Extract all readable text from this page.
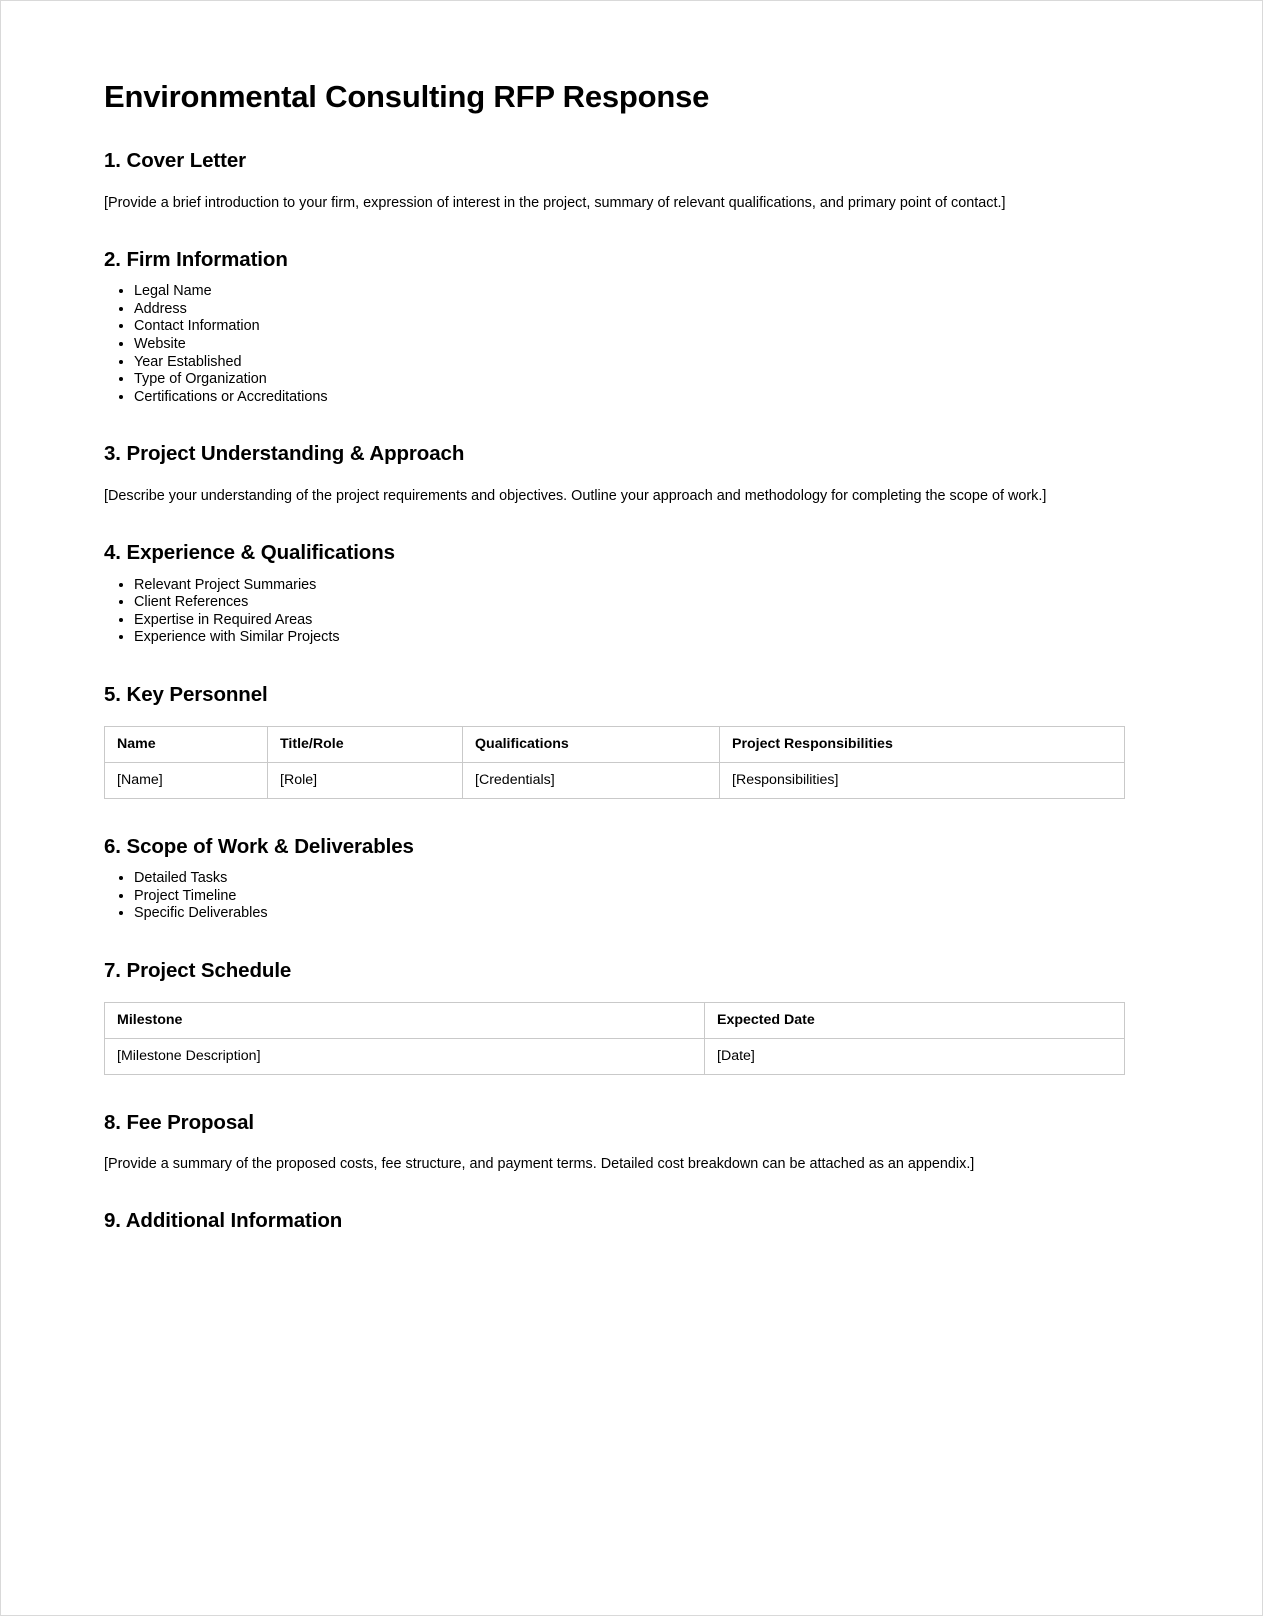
Environmental Consulting RFP Response
1. Cover Letter

[Provide a brief introduction to your firm, expression of interest in the project, summary of relevant qualifications, and primary point of contact.]

2. Firm Information
• Legal Name
• Address
• Contact Information
• Website
• Year Established
• Type of Organization
• Certifications or Accreditations
3. Project Understanding & Approach

[Describe your understanding of the project requirements and objectives. Outline your approach and methodology for completing the scope of work.]

4. Experience & Qualifications
• Relevant Project Summaries
• Client References
• Expertise in Required Areas
• Experience with Similar Projects
5. Key Personnel
Name	Title/Role	Qualifications	Project Responsibilities
[Name]	[Role]	[Credentials]	[Responsibilities]
6. Scope of Work & Deliverables
• Detailed Tasks
• Project Timeline
• Specific Deliverables
7. Project Schedule
Milestone	Expected Date
[Milestone Description]	[Date]
8. Fee Proposal

[Provide a summary of the proposed costs, fee structure, and payment terms. Detailed cost breakdown can be attached as an appendix.]

9. Additional Information
